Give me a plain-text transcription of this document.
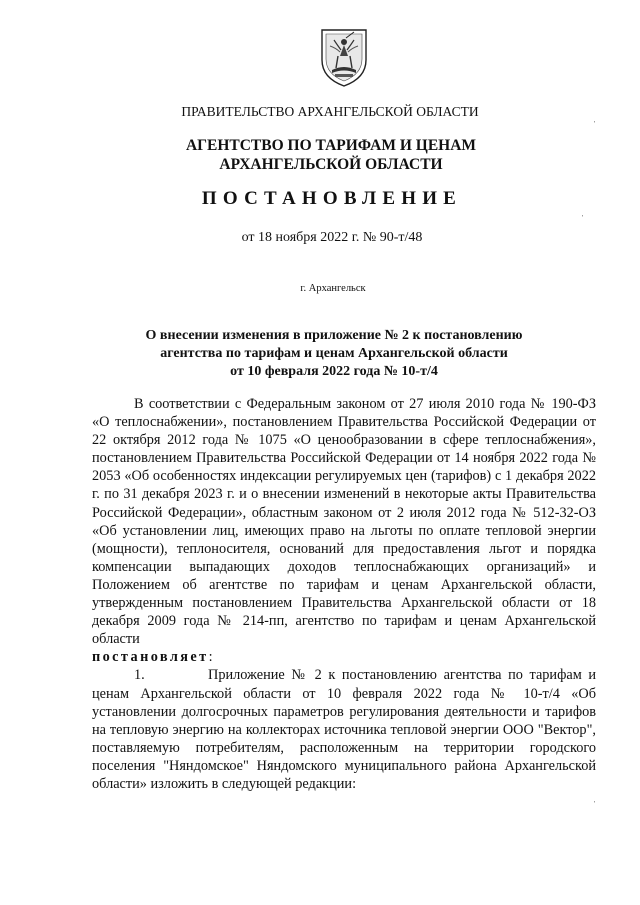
ПРАВИТЕЛЬСТВО АРХАНГЕЛЬСКОЙ ОБЛАСТИ
АГЕНТСТВО ПО ТАРИФАМ И ЦЕНАМ
АРХАНГЕЛЬСКОЙ ОБЛАСТИ
ПОСТАНОВЛЕНИЕ
от 18 ноября 2022 г. № 90-т/48
г. Архангельск
О внесении изменения в приложение № 2 к постановлению
агентства по тарифам и ценам Архангельской области
от 10 февраля 2022 года № 10-т/4

В соответствии с Федеральным законом от 27 июля 2010 года № 190-ФЗ «О теплоснабжении», постановлением Правительства Российской Федерации от 22 октября 2012 года № 1075 «О ценообразовании в сфере теплоснабжения», постановлением Правительства Российской Федерации от 14 ноября 2022 года № 2053 «Об особенностях индексации регулируемых цен (тарифов) с 1 декабря 2022 г. по 31 декабря 2023 г. и о внесении изменений в некоторые акты Правительства Российской Федерации», областным законом от 2 июля 2012 года № 512-32-ОЗ «Об установлении лиц, имеющих право на льготы по оплате тепловой энергии (мощности), теплоносителя, оснований для предоставления льгот и порядка компенсации выпадающих доходов теплоснабжающих организаций» и Положением об агентстве по тарифам и ценам Архангельской области, утвержденным постановлением Правительства Архангельской области от 18 декабря 2009 года № 214-пп, агентство по тарифам и ценам Архангельской области

постановляет:

1.	Приложение № 2 к постановлению агентства по тарифам и ценам Архангельской области от 10 февраля 2022 года № 10-т/4 «Об установлении долгосрочных параметров регулирования деятельности и тарифов на тепловую энергию на коллекторах источника тепловой энергии ООО "Вектор", поставляемую потребителям, расположенным на территории городского поселения "Няндомское" Няндомского муниципального района Архангельской области» изложить в следующей редакции:

'
'
'
